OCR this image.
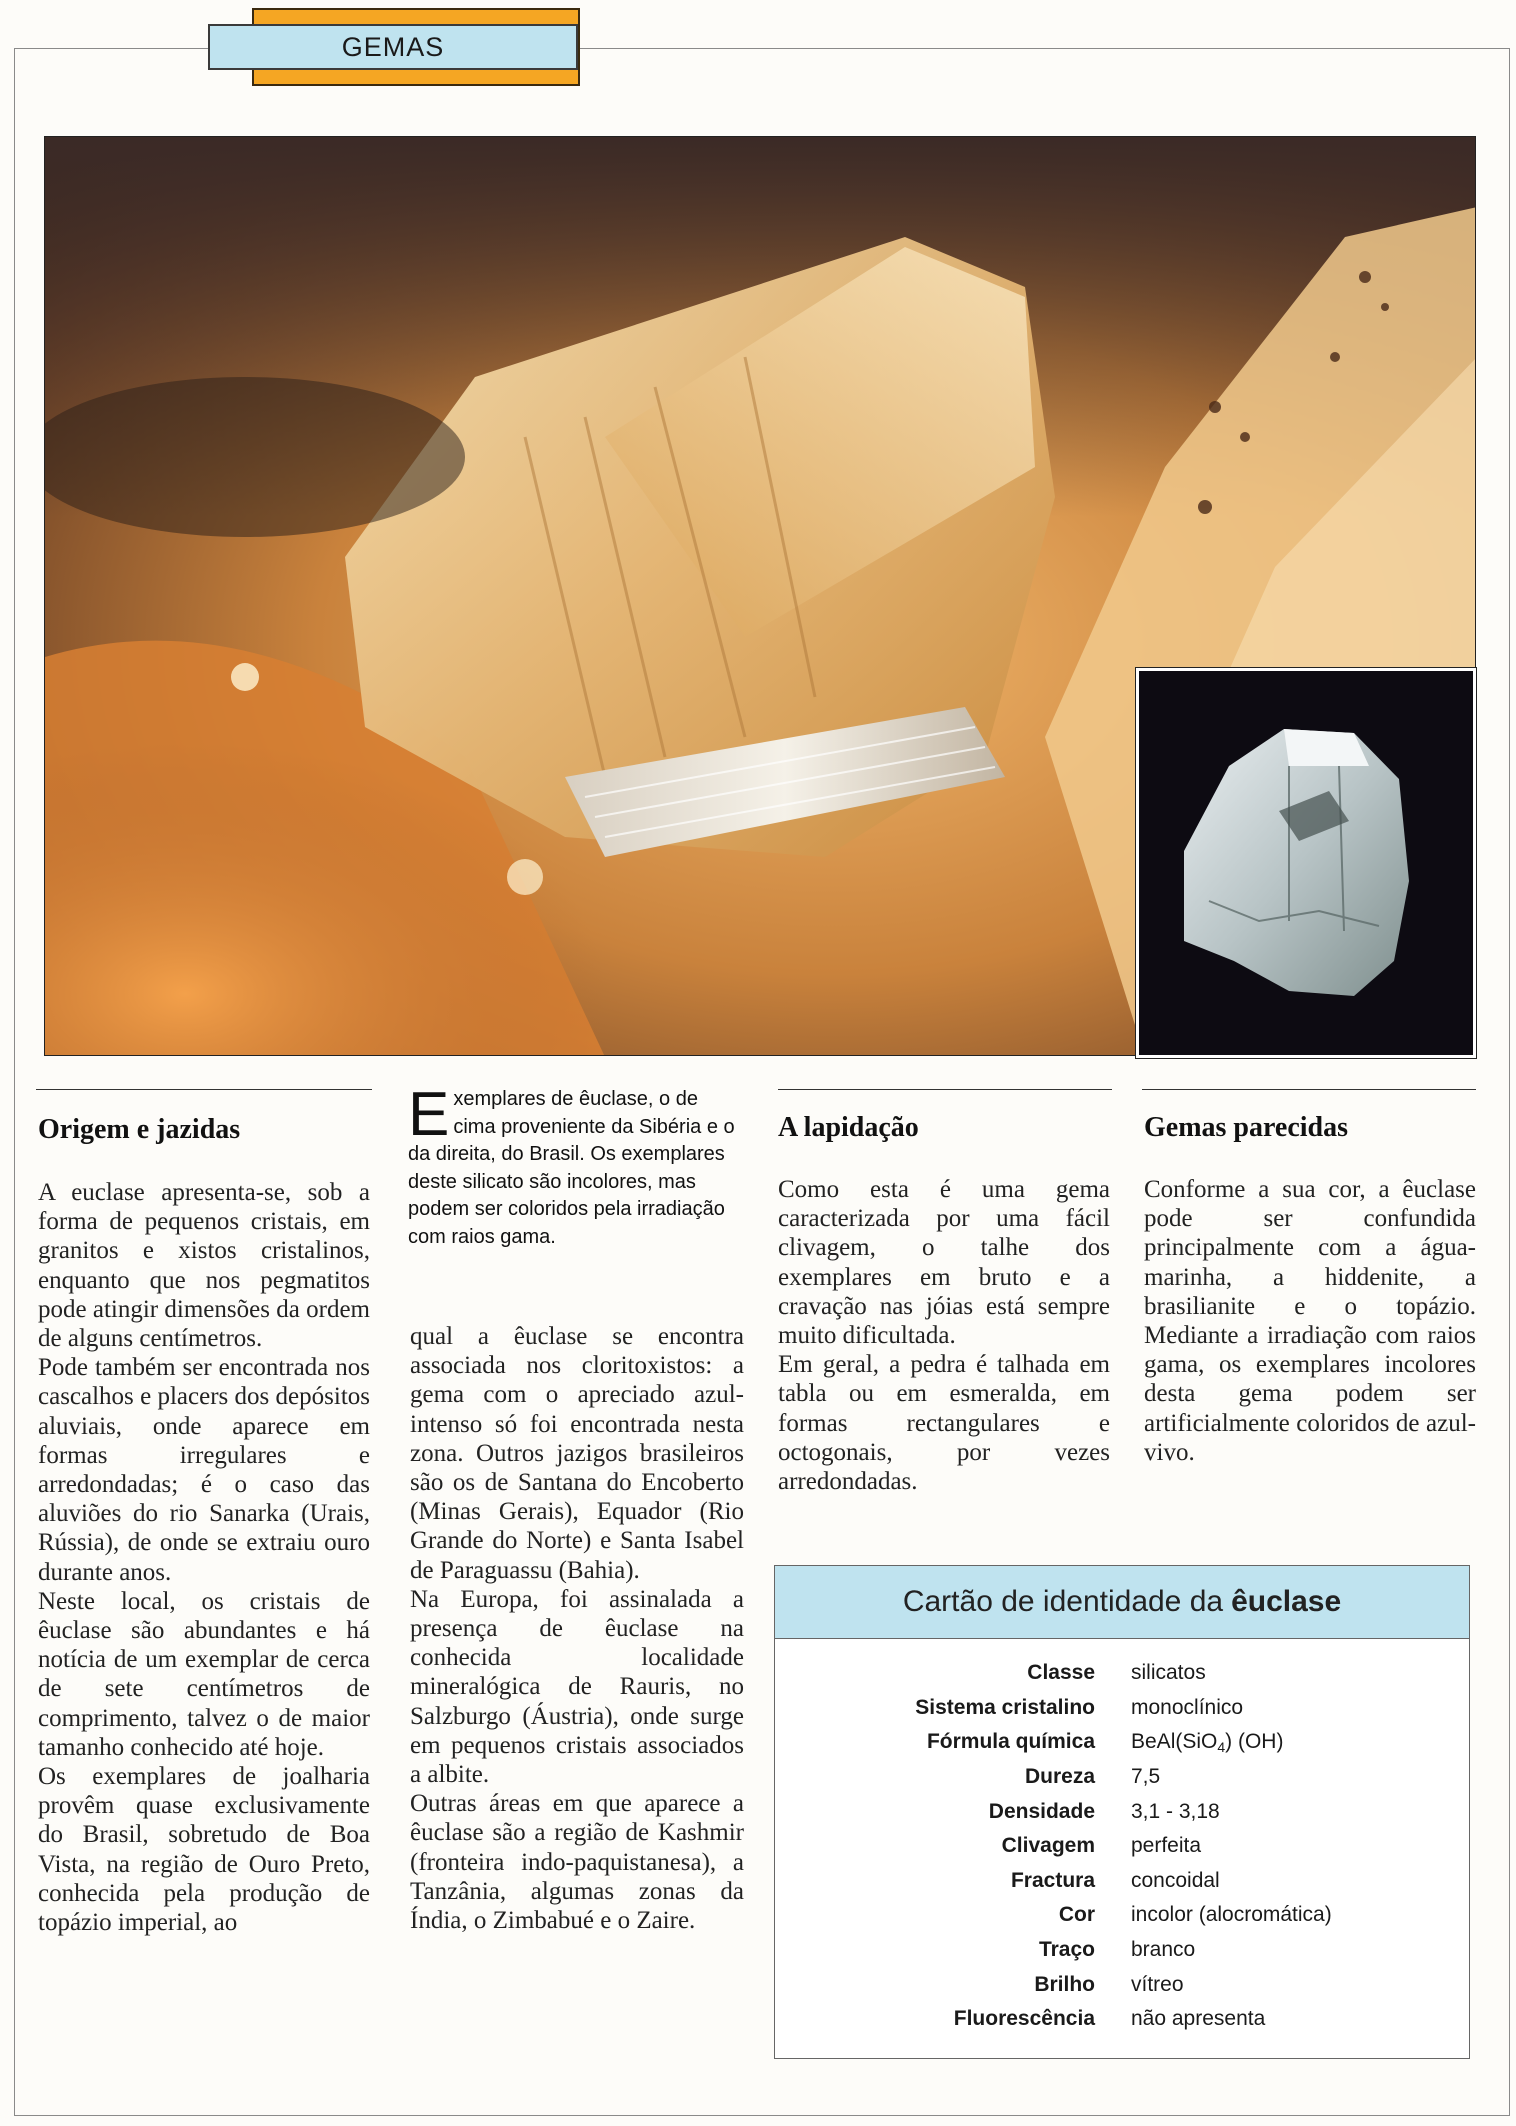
GEMAS
Exemplares de êuclase, o de cima proveniente da Sibéria e o da direita, do Brasil. Os exemplares deste silicato são incolores, mas podem ser coloridos pela irradiação com raios gama.
Origem e jazidas

A euclase apresenta-se, sob a forma de pequenos cristais, em granitos e xistos cristalinos, enquanto que nos pegmatitos pode atingir dimensões da ordem de alguns centímetros.

Pode também ser encontrada nos cascalhos e placers dos depósitos aluviais, onde aparece em formas irregulares e arredondadas; é o caso das aluviões do rio Sanarka (Urais, Rússia), de onde se extraiu ouro durante anos.

Neste local, os cristais de êuclase são abundantes e há notícia de um exemplar de cerca de sete centímetros de comprimento, talvez o de maior tamanho conhecido até hoje.

Os exemplares de joalharia provêm quase exclusivamente do Brasil, sobretudo de Boa Vista, na região de Ouro Preto, conhecida pela produção de topázio imperial, ao

qual a êuclase se encontra associada nos cloritoxistos: a gema com o apreciado azul-intenso só foi encontrada nesta zona. Outros jazigos brasileiros são os de Santana do Encoberto (Minas Gerais), Equador (Rio Grande do Norte) e Santa Isabel de Paraguassu (Bahia).

Na Europa, foi assinalada a presença de êuclase na conhecida localidade mineralógica de Rauris, no Salzburgo (Áustria), onde surge em pequenos cristais associados a albite.

Outras áreas em que aparece a êuclase são a região de Kashmir (fronteira indo-paquistanesa), a Tanzânia, algumas zonas da Índia, o Zimbabué e o Zaire.

A lapidação

Como esta é uma gema caracterizada por uma fácil clivagem, o talhe dos exemplares em bruto e a cravação nas jóias está sempre muito dificultada.

Em geral, a pedra é talhada em tabla ou em esmeralda, em formas rectangulares e octogonais, por vezes arredondadas.

Gemas parecidas

Conforme a sua cor, a êuclase pode ser confundida principalmente com a água-marinha, a hiddenite, a brasilianite e o topázio. Mediante a irradiação com raios gama, os exemplares incolores desta gema podem ser artificialmente coloridos de azul-vivo.

Cartão de identidade da êuclase
Classe	silicatos
Sistema cristalino	monoclínico
Fórmula química	BeAl(SiO$_4$) (OH)
Dureza	7,5
Densidade	3,1 - 3,18
Clivagem	perfeita
Fractura	concoidal
Cor	incolor (alocromática)
Traço	branco
Brilho	vítreo
Fluorescência	não apresenta
